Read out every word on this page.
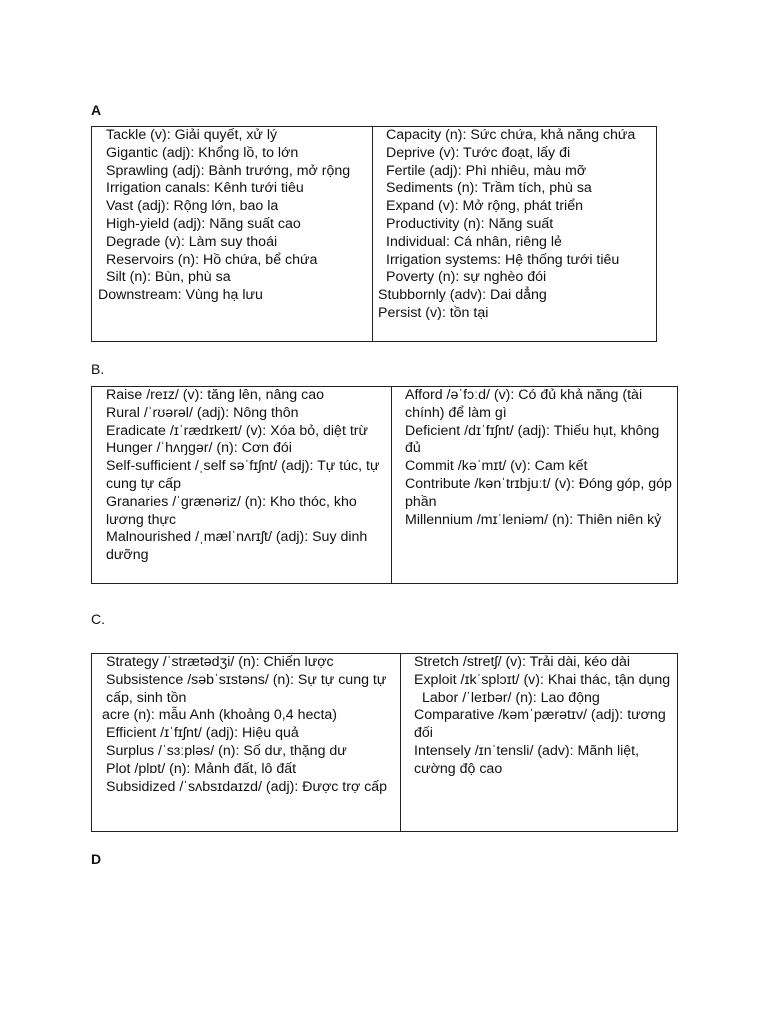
A
Tackle (v): Giải quyết, xử lý
Gigantic (adj): Khổng lồ, to lớn
Sprawling (adj): Bành trướng, mở rộng
Irrigation canals: Kênh tưới tiêu
Vast (adj): Rộng lớn, bao la
High-yield (adj): Năng suất cao
Degrade (v): Làm suy thoái
Reservoirs (n): Hồ chứa, bể chứa
Silt (n): Bùn, phù sa
Downstream: Vùng hạ lưu
Capacity (n): Sức chứa, khả năng chứa
Deprive (v): Tước đoạt, lấy đi
Fertile (adj): Phì nhiêu, màu mỡ
Sediments (n): Trầm tích, phù sa
Expand (v): Mở rộng, phát triển
Productivity (n): Năng suất
Individual: Cá nhân, riêng lẻ
Irrigation systems: Hệ thống tưới tiêu
Poverty (n): sự nghèo đói
Stubbornly (adv): Dai dẳng
Persist (v): tồn tại
B.
Raise /reɪz/ (v): tăng lên, nâng cao
Rural /ˈrʊərəl/ (adj): Nông thôn
Eradicate /ɪˈrædɪkeɪt/ (v): Xóa bỏ, diệt trừ
Hunger /ˈhʌŋɡər/ (n): Cơn đói
Self-sufficient /ˌself səˈfɪʃnt/ (adj): Tự túc, tự cung tự cấp
Granaries /ˈɡrænəriz/ (n): Kho thóc, kho lương thực
Malnourished /ˌmælˈnʌrɪʃt/ (adj): Suy dinh dưỡng
Afford /əˈfɔːd/ (v): Có đủ khả năng (tài chính) để làm gì
Deficient /dɪˈfɪʃnt/ (adj): Thiếu hụt, không đủ
Commit /kəˈmɪt/ (v): Cam kết
Contribute /kənˈtrɪbjuːt/ (v): Đóng góp, góp phần
Millennium /mɪˈleniəm/ (n): Thiên niên kỷ
C.
Strategy /ˈstrætədʒi/ (n): Chiến lược
Subsistence /səbˈsɪstəns/ (n): Sự tự cung tự cấp, sinh tồn
acre (n): mẫu Anh (khoảng 0,4 hecta)
Efficient /ɪˈfɪʃnt/ (adj): Hiệu quả
Surplus /ˈsɜːpləs/ (n): Số dư, thặng dư
Plot /plɒt/ (n): Mảnh đất, lô đất
Subsidized /ˈsʌbsɪdaɪzd/ (adj): Được trợ cấp
Stretch /stretʃ/ (v): Trải dài, kéo dài
Exploit /ɪkˈsplɔɪt/ (v): Khai thác, tận dụng
Labor /ˈleɪbər/ (n): Lao động
Comparative /kəmˈpærətɪv/ (adj): tương đối
Intensely /ɪnˈtensli/ (adv): Mãnh liệt, cường độ cao
D
